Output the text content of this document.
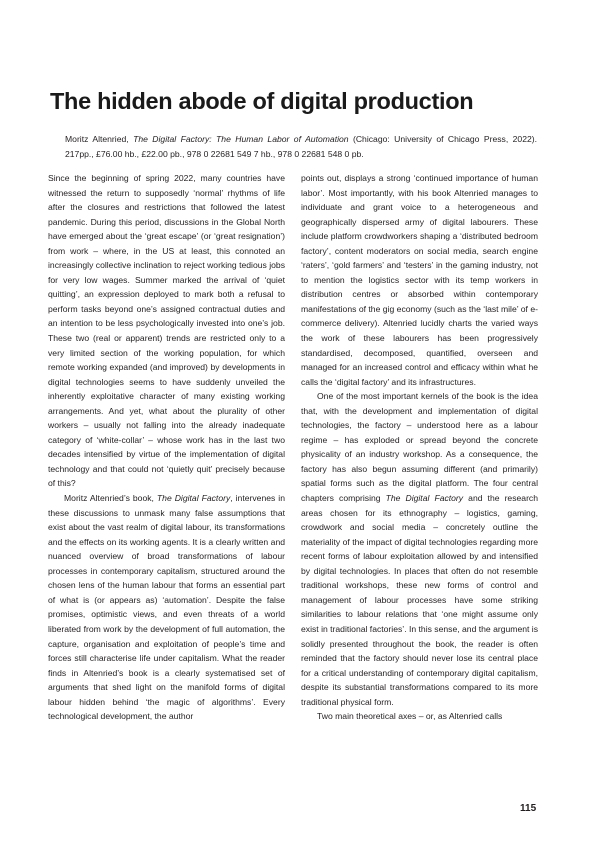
The hidden abode of digital production
Moritz Altenried, The Digital Factory: The Human Labor of Automation (Chicago: University of Chicago Press, 2022). 217pp., £76.00 hb., £22.00 pb., 978 0 22681 549 7 hb., 978 0 22681 548 0 pb.

Since the beginning of spring 2022, many countries have witnessed the return to supposedly ‘normal’ rhythms of life after the closures and restrictions that followed the latest pandemic. During this period, discussions in the Global North have emerged about the ‘great escape’ (or ‘great resignation’) from work – where, in the US at least, this connoted an increasingly collective inclination to reject working tedious jobs for very low wages. Summer marked the arrival of ‘quiet quitting’, an expression deployed to mark both a refusal to perform tasks beyond one’s assigned contractual duties and an intention to be less psychologically invested into one’s job. These two (real or apparent) trends are restricted only to a very limited section of the working population, for which remote working expanded (and improved) by developments in digital technologies seems to have suddenly unveiled the inherently exploitative character of many existing working arrangements. And yet, what about the plurality of other workers – usually not falling into the already inadequate category of ‘white-collar’ – whose work has in the last two decades intensified by virtue of the implementation of digital technology and that could not ‘quietly quit’ precisely because of this?

Moritz Altenried’s book, The Digital Factory, intervenes in these discussions to unmask many false assumptions that exist about the vast realm of digital labour, its transformations and the effects on its working agents. It is a clearly written and nuanced overview of broad transformations of labour processes in contemporary capitalism, structured around the chosen lens of the human labour that forms an essential part of what is (or appears as) ‘automation’. Despite the false promises, optimistic views, and even threats of a world liberated from work by the development of full automation, the capture, organisation and exploitation of people’s time and forces still characterise life under capitalism. What the reader finds in Altenried’s book is a clearly systematised set of arguments that shed light on the manifold forms of digital labour hidden behind ‘the magic of algorithms’. Every technological development, the author

points out, displays a strong ‘continued importance of human labor’. Most importantly, with his book Altenried manages to individuate and grant voice to a heterogeneous and geographically dispersed army of digital labourers. These include platform crowdworkers shaping a ‘distributed bedroom factory’, content moderators on social media, search engine ‘raters’, ‘gold farmers’ and ‘testers’ in the gaming industry, not to mention the logistics sector with its temp workers in distribution centres or absorbed within contemporary manifestations of the gig economy (such as the ‘last mile’ of e-commerce delivery). Altenried lucidly charts the varied ways the work of these labourers has been progressively standardised, decomposed, quantified, overseen and managed for an increased control and efficacy within what he calls the ‘digital factory’ and its infrastructures.

One of the most important kernels of the book is the idea that, with the development and implementation of digital technologies, the factory – understood here as a labour regime – has exploded or spread beyond the concrete physicality of an industry workshop. As a consequence, the factory has also begun assuming different (and primarily) spatial forms such as the digital platform. The four central chapters comprising The Digital Factory and the research areas chosen for its ethnography – logistics, gaming, crowdwork and social media – concretely outline the materiality of the impact of digital technologies regarding more recent forms of labour exploitation allowed by and intensified by digital technologies. In places that often do not resemble traditional workshops, these new forms of control and management of labour processes have some striking similarities to labour relations that ‘one might assume only exist in traditional factories’. In this sense, and the argument is solidly presented throughout the book, the reader is often reminded that the factory should never lose its central place for a critical understanding of contemporary digital capitalism, despite its substantial transformations compared to its more traditional physical form.

Two main theoretical axes – or, as Altenried calls

115
